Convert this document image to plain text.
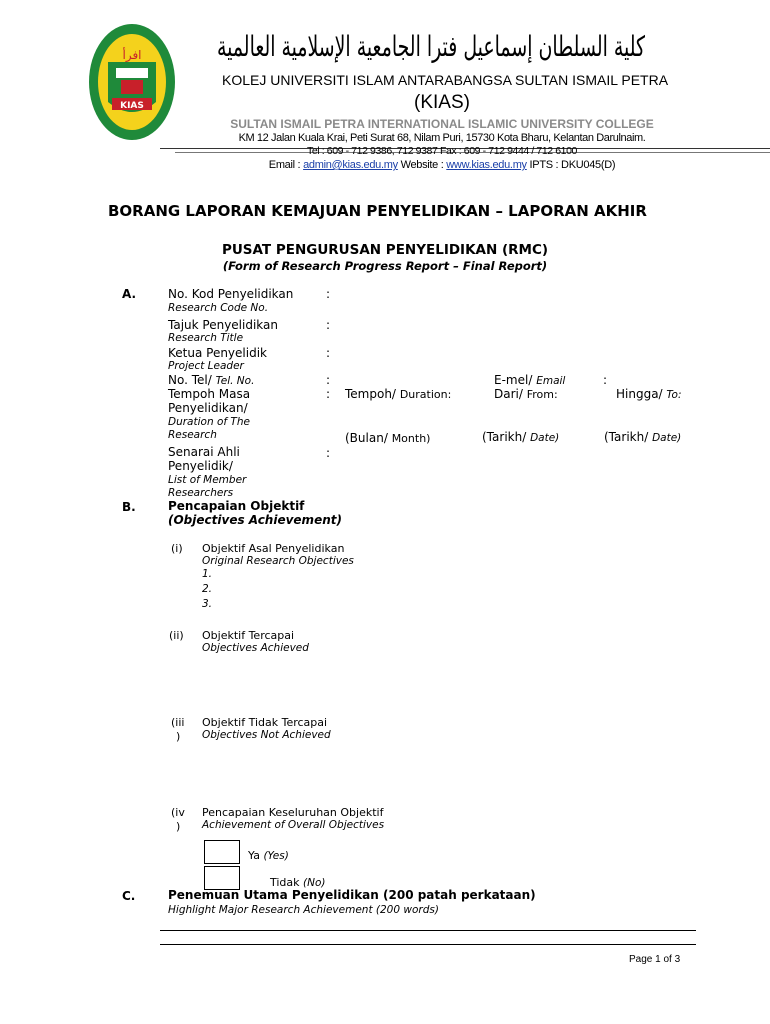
افرأ
KIAS
كلية السلطان إسماعيل فترا الجامعية الإسلامية العالمية
KOLEJ UNIVERSITI ISLAM ANTARABANGSA SULTAN ISMAIL PETRA
(KIAS)
SULTAN ISMAIL PETRA INTERNATIONAL ISLAMIC UNIVERSITY COLLEGE
KM 12 Jalan Kuala Krai, Peti Surat 68, Nilam Puri, 15730 Kota Bharu, Kelantan Darulnaim.
Tel : 609 - 712 9386, 712 9387 Fax : 609 - 712 9444 / 712 6100
Email : admin@kias.edu.my Website : www.kias.edu.my IPTS : DKU045(D)
BORANG LAPORAN KEMAJUAN PENYELIDIKAN – LAPORAN AKHIR
PUSAT PENGURUSAN PENYELIDIKAN (RMC)
(Form of Research Progress Report – Final Report)
A.	No. Kod Penyelidikan
Research Code No.
:
Tajuk Penyelidikan
Research Title
:
Ketua Penyelidik
Project Leader
:
No. Tel/ Tel. No.	:	E-mel/ Email	:
Tempoh Masa
Penyelidikan/
Duration of The
Research
: Tempoh/ Duration:	Dari/ From:	Hingga/ To:
(Bulan/ Month)	(Tarikh/ Date)	(Tarikh/ Date)
Senarai Ahli
Penyelidik/
List of Member
Researchers
:
B.	Pencapaian Objektif
(Objectives Achievement)
(i) Objektif Asal Penyelidikan
Original Research Objectives
1.
2.
3.
(ii) Objektif Tercapai
Objectives Achieved
(iii
)
Objektif Tidak Tercapai
Objectives Not Achieved
(iv
)
Pencapaian Keseluruhan Objektif
Achievement of Overall Objectives
Ya (Yes)
Tidak (No)
C.	Penemuan Utama Penyelidikan (200 patah perkataan)
Highlight Major Research Achievement (200 words)
Page 1 of 3
